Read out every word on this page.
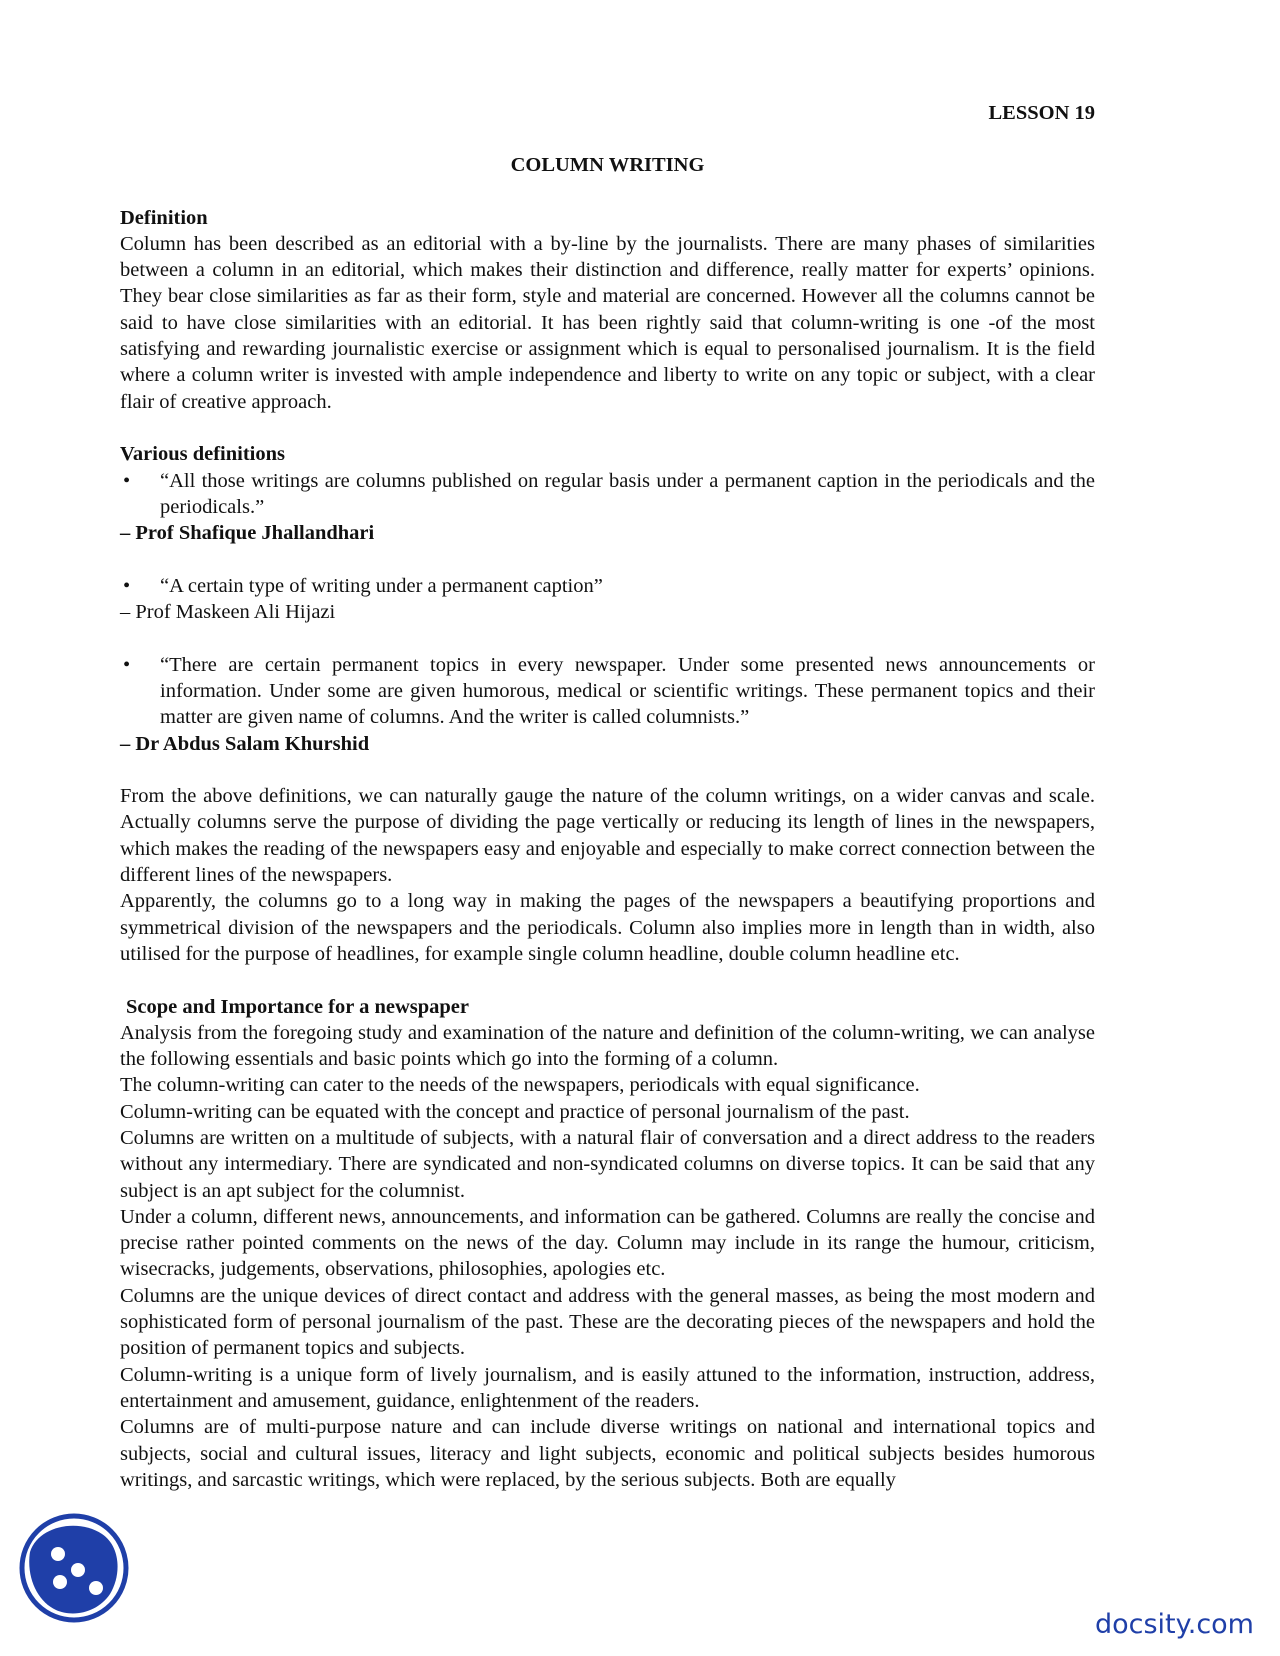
LESSON 19

COLUMN WRITING

Definition

Column has been described as an editorial with a by-line by the journalists. There are many phases of similarities between a column in an editorial, which makes their distinction and difference, really matter for experts’ opinions. They bear close similarities as far as their form, style and material are concerned. However all the columns cannot be said to have close similarities with an editorial. It has been rightly said that column-writing is one -of the most satisfying and rewarding journalistic exercise or assignment which is equal to personalised journalism. It is the field where a column writer is invested with ample independence and liberty to write on any topic or subject, with a clear flair of creative approach.

Various definitions
•	“All those writings are columns published on regular basis under a permanent caption in the periodicals and the periodicals.”

– Prof Shafique Jhallandhari

•	“A certain type of writing under a permanent caption”

– Prof Maskeen Ali Hijazi

•	“There are certain permanent topics in every newspaper. Under some presented news announcements or information. Under some are given humorous, medical or scientific writings. These permanent topics and their matter are given name of columns. And the writer is called columnists.”

– Dr Abdus Salam Khurshid

From the above definitions, we can naturally gauge the nature of the column writings, on a wider canvas and scale. Actually columns serve the purpose of dividing the page vertically or reducing its length of lines in the newspapers, which makes the reading of the newspapers easy and enjoyable and especially to make correct connection between the different lines of the newspapers.

Apparently, the columns go to a long way in making the pages of the newspapers a beautifying proportions and symmetrical division of the newspapers and the periodicals. Column also implies more in length than in width, also utilised for the purpose of headlines, for example single column headline, double column headline etc.

Scope and Importance for a newspaper

Analysis from the foregoing study and examination of the nature and definition of the column-writing, we can analyse the following essentials and basic points which go into the forming of a column.

The column-writing can cater to the needs of the newspapers, periodicals with equal significance.

Column-writing can be equated with the concept and practice of personal journalism of the past.

Columns are written on a multitude of subjects, with a natural flair of conversation and a direct address to the readers without any intermediary. There are syndicated and non-syndicated columns on diverse topics. It can be said that any subject is an apt subject for the columnist.

Under a column, different news, announcements, and information can be gathered. Columns are really the concise and precise rather pointed comments on the news of the day. Column may include in its range the humour, criticism, wisecracks, judgements, observations, philosophies, apologies etc.

Columns are the unique devices of direct contact and address with the general masses, as being the most modern and sophisticated form of personal journalism of the past. These are the decorating pieces of the newspapers and hold the position of permanent topics and subjects.

Column-writing is a unique form of lively journalism, and is easily attuned to the information, instruction, address, entertainment and amusement, guidance, enlightenment of the readers.

Columns are of multi-purpose nature and can include diverse writings on national and international topics and subjects, social and cultural issues, literacy and light subjects, economic and political subjects besides humorous writings, and sarcastic writings, which were replaced, by the serious subjects. Both are equally

docsity.com
